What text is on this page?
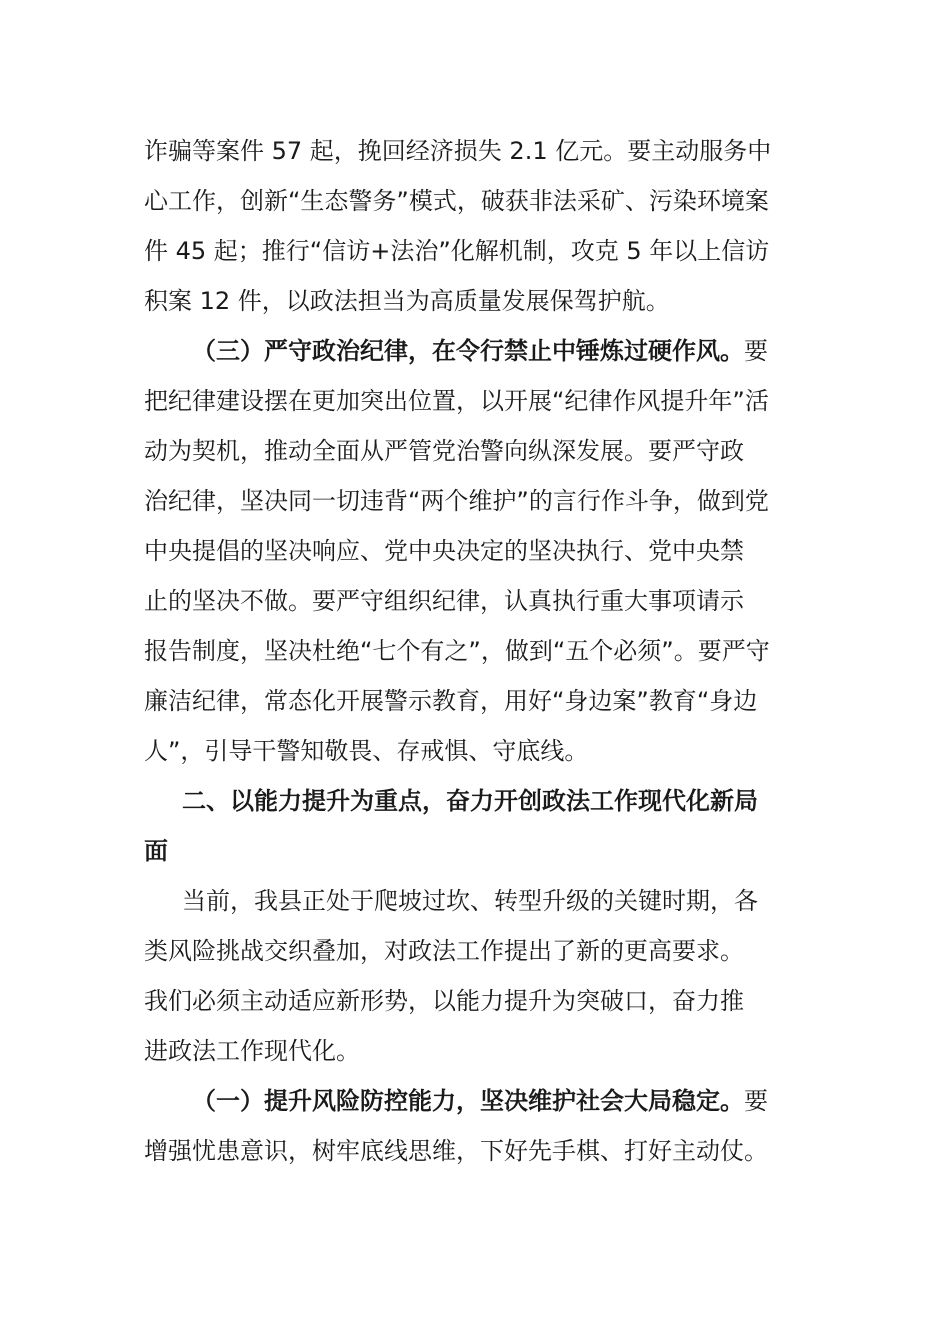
诈骗等案件 57 起，挽回经济损失 2.1 亿元。要主动服务中
心工作，创新“生态警务”模式，破获非法采矿、污染环境案
件 45 起；推行“信访+法治”化解机制，攻克 5 年以上信访
积案 12 件，以政法担当为高质量发展保驾护航。
（三）严守政治纪律，在令行禁止中锤炼过硬作风。要
把纪律建设摆在更加突出位置，以开展“纪律作风提升年”活
动为契机，推动全面从严管党治警向纵深发展。要严守政
治纪律，坚决同一切违背“两个维护”的言行作斗争，做到党
中央提倡的坚决响应、党中央决定的坚决执行、党中央禁
止的坚决不做。要严守组织纪律，认真执行重大事项请示
报告制度，坚决杜绝“七个有之”，做到“五个必须”。要严守
廉洁纪律，常态化开展警示教育，用好“身边案”教育“身边
人”，引导干警知敬畏、存戒惧、守底线。
二、以能力提升为重点，奋力开创政法工作现代化新局
面
当前，我县正处于爬坡过坎、转型升级的关键时期，各
类风险挑战交织叠加，对政法工作提出了新的更高要求。
我们必须主动适应新形势，以能力提升为突破口，奋力推
进政法工作现代化。
（一）提升风险防控能力，坚决维护社会大局稳定。要
增强忧患意识，树牢底线思维，下好先手棋、打好主动仗。
